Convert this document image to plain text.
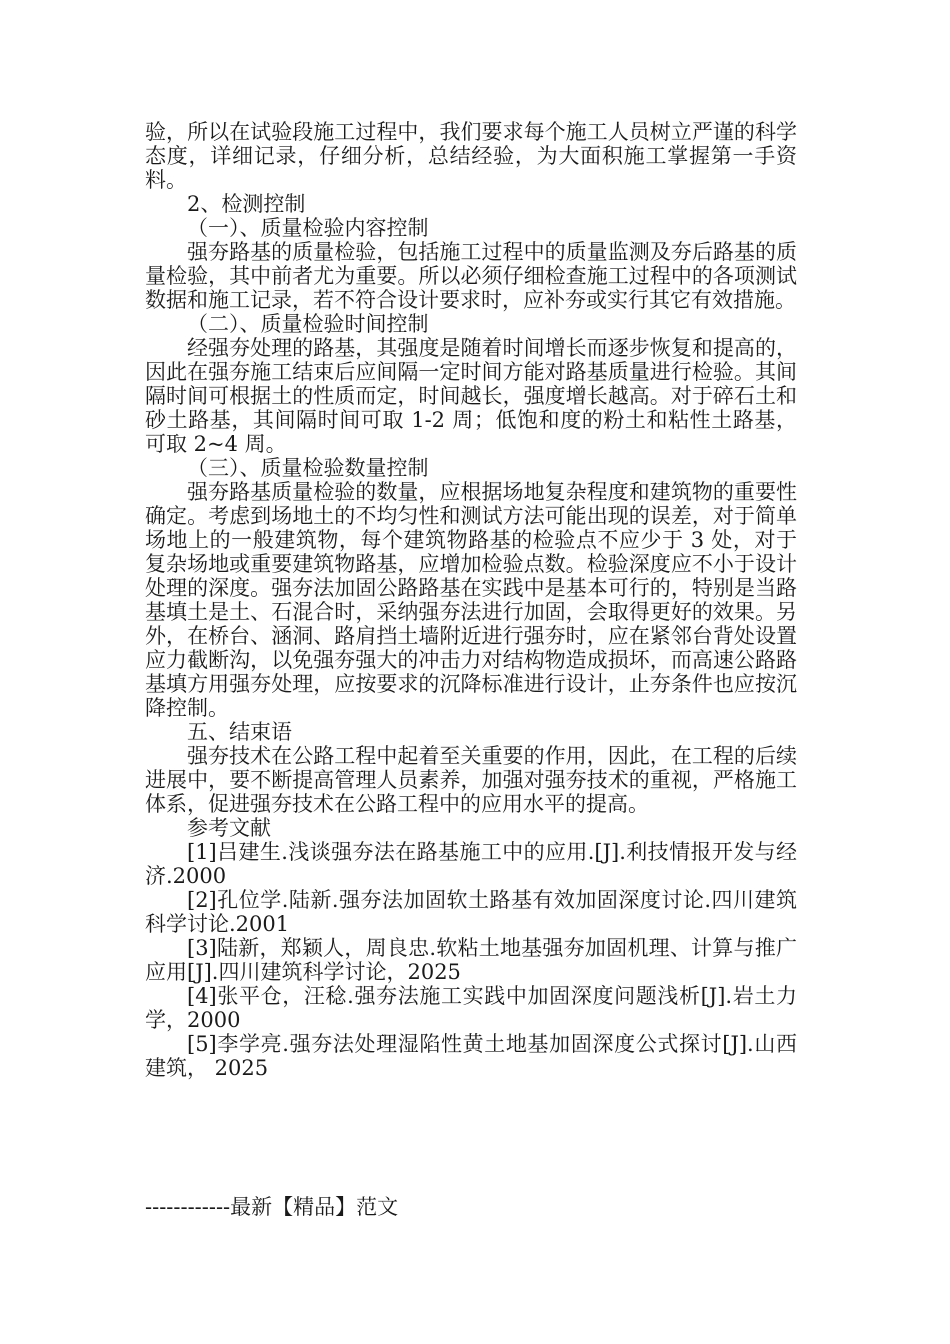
验，所以在试验段施工过程中，我们要求每个施工人员树立严谨的科学态度，详细记录，仔细分析，总结经验，为大面积施工掌握第一手资料。

2、检测控制

（一）、质量检验内容控制

强夯路基的质量检验，包括施工过程中的质量监测及夯后路基的质量检验，其中前者尤为重要。所以必须仔细检查施工过程中的各项测试数据和施工记录，若不符合设计要求时，应补夯或实行其它有效措施。

（二）、质量检验时间控制

经强夯处理的路基，其强度是随着时间增长而逐步恢复和提高的，因此在强夯施工结束后应间隔一定时间方能对路基质量进行检验。其间隔时间可根据土的性质而定，时间越长，强度增长越高。对于碎石土和砂土路基，其间隔时间可取 1-2 周；低饱和度的粉土和粘性土路基，可取 2~4 周。

（三）、质量检验数量控制

强夯路基质量检验的数量，应根据场地复杂程度和建筑物的重要性确定。考虑到场地土的不均匀性和测试方法可能出现的误差，对于简单场地上的一般建筑物，每个建筑物路基的检验点不应少于 3 处，对于复杂场地或重要建筑物路基，应增加检验点数。检验深度应不小于设计处理的深度。强夯法加固公路路基在实践中是基本可行的，特别是当路基填土是土、石混合时，采纳强夯法进行加固，会取得更好的效果。另外，在桥台、涵洞、路肩挡土墙附近进行强夯时，应在紧邻台背处设置应力截断沟，以免强夯强大的冲击力对结构物造成损坏，而高速公路路基填方用强夯处理，应按要求的沉降标准进行设计，止夯条件也应按沉降控制。

五、结束语

强夯技术在公路工程中起着至关重要的作用，因此，在工程的后续进展中，要不断提高管理人员素养，加强对强夯技术的重视，严格施工体系，促进强夯技术在公路工程中的应用水平的提高。

参考文献

[1]吕建生.浅谈强夯法在路基施工中的应用.[J].利技情报开发与经济.2000

[2]孔位学.陆新.强夯法加固软土路基有效加固深度讨论.四川建筑科学讨论.2001

[3]陆新，郑颖人，周良忠.软粘土地基强夯加固机理、计算与推广应用[J].四川建筑科学讨论，2025

[4]张平仓，汪稔.强夯法施工实践中加固深度问题浅析[J].岩土力学，2000

[5]李学亮.强夯法处理湿陷性黄土地基加固深度公式探讨[J].山西建筑， 2025

------------最新【精品】范文
